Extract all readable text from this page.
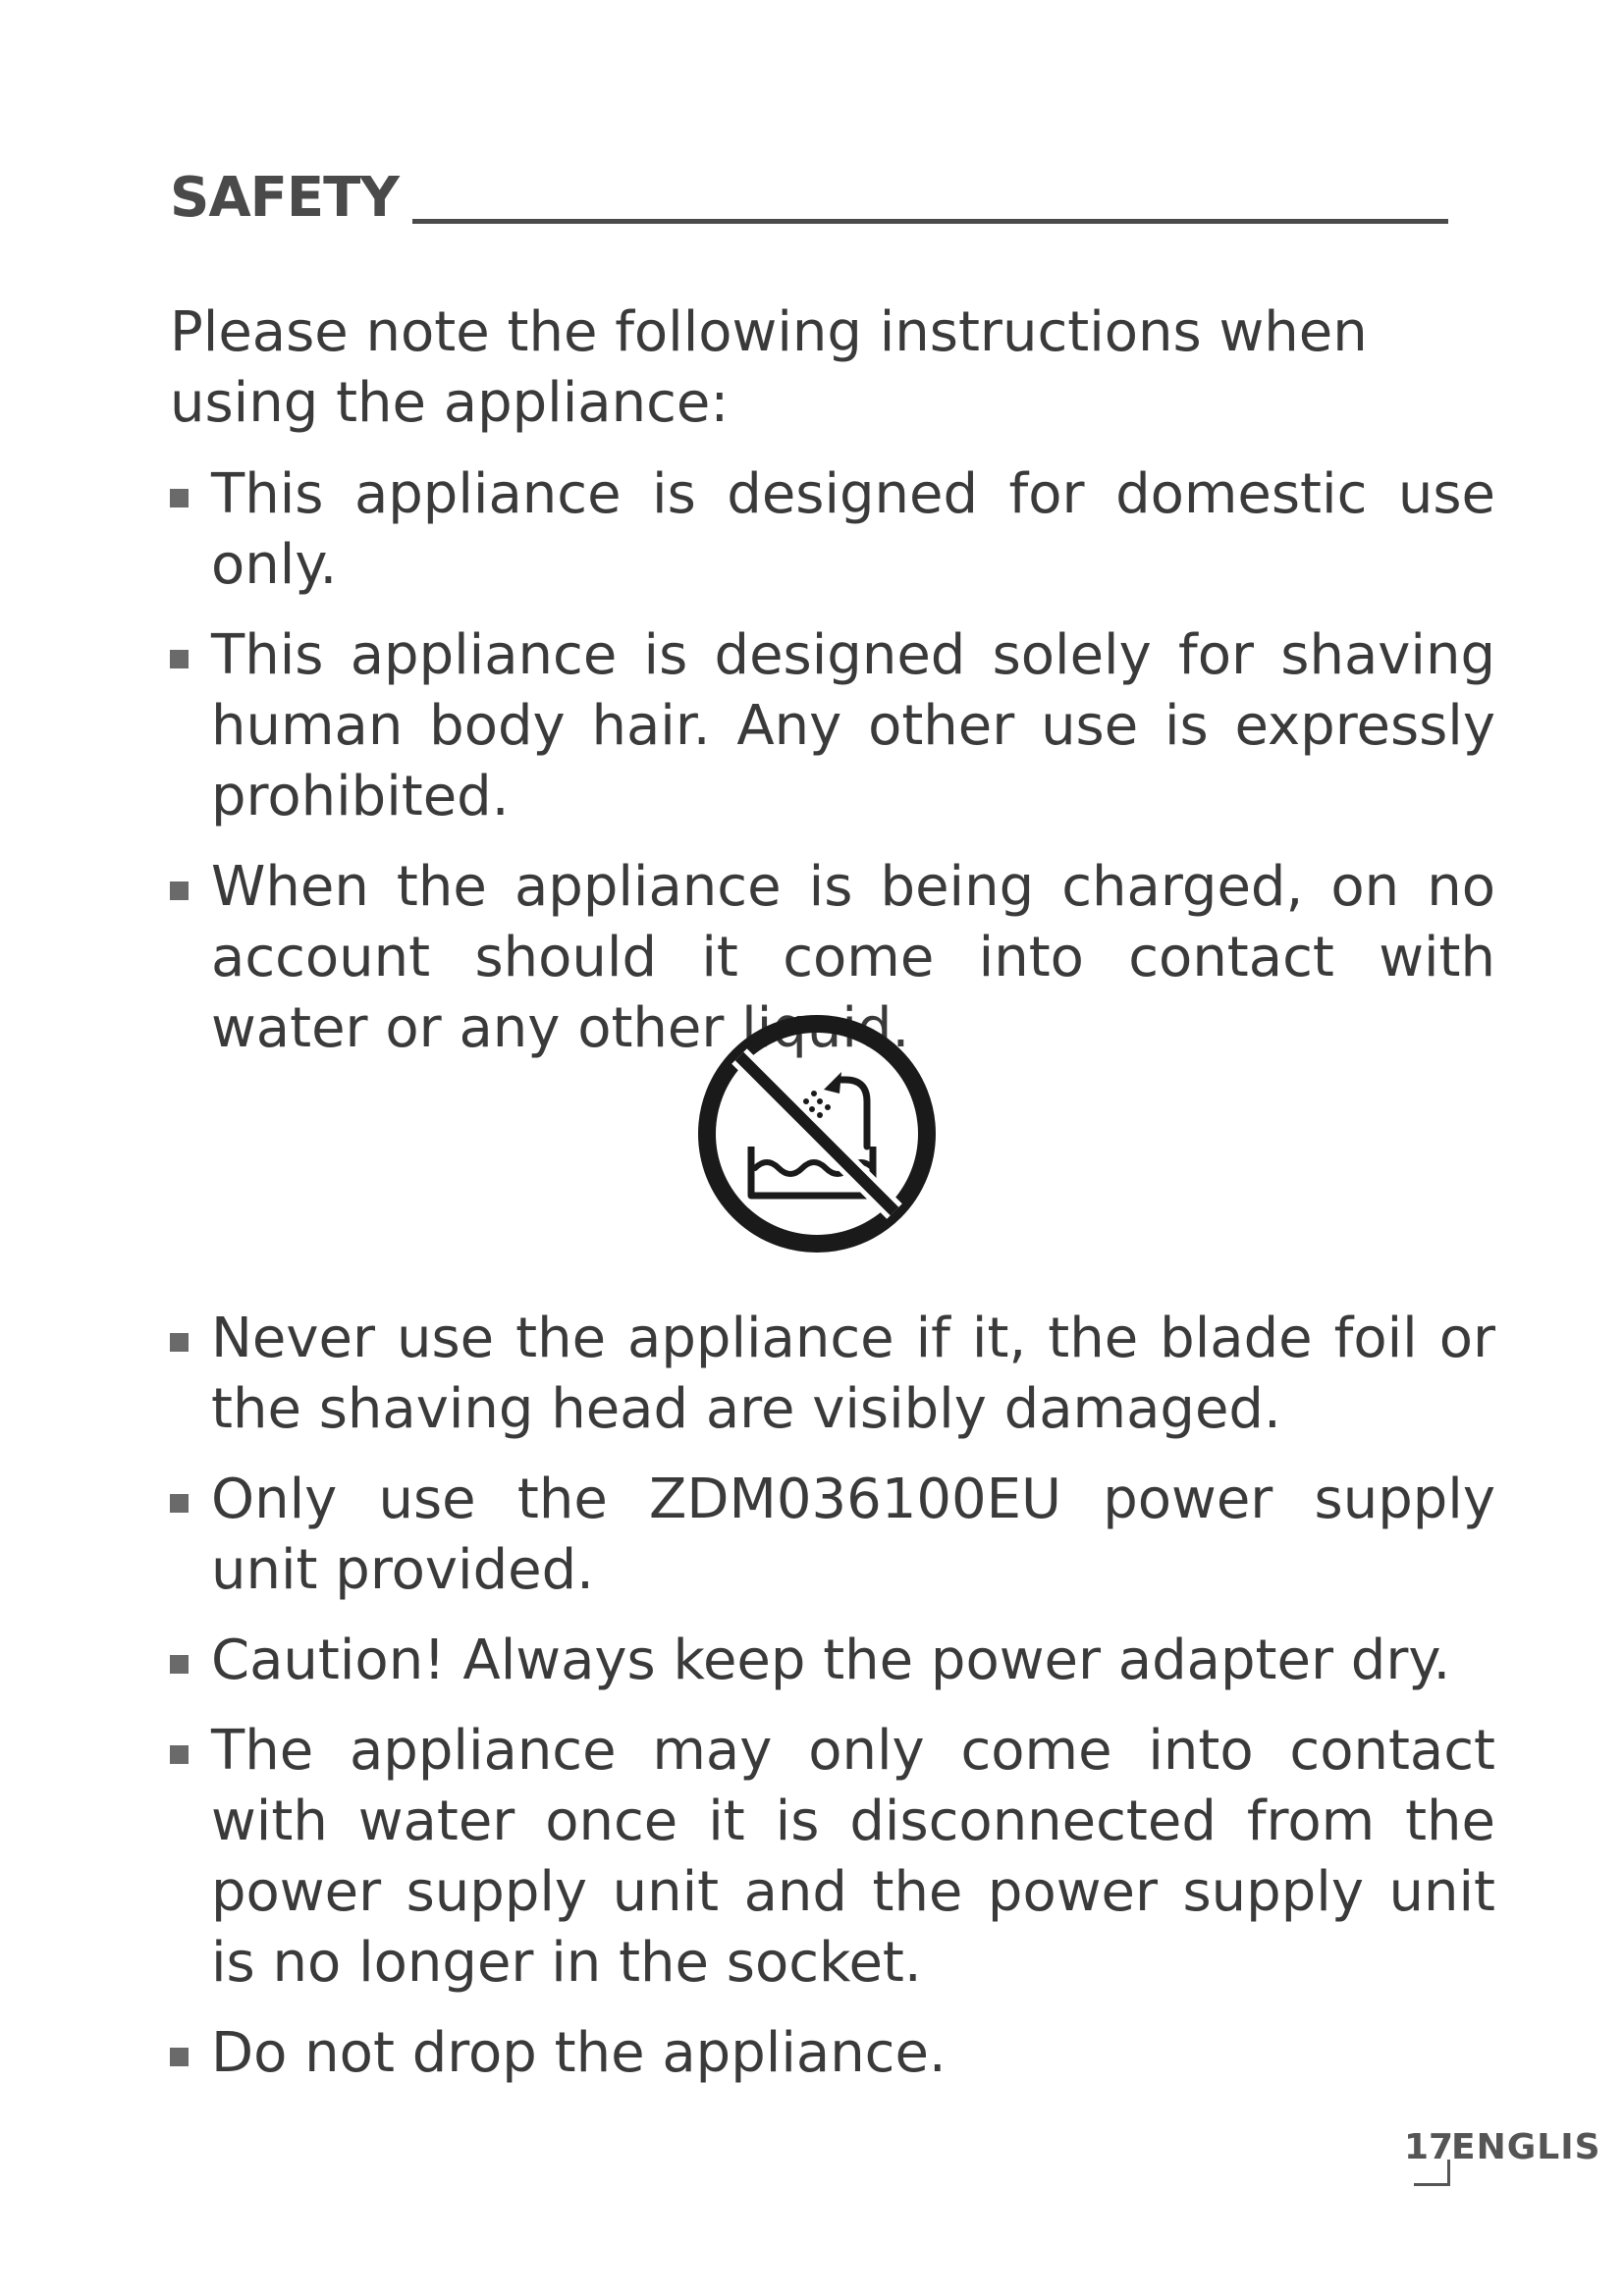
SAFETY

Please note the following instructions when using the appliance:

This appliance is designed for domestic use only.
This appliance is designed solely for shaving human body hair. Any other use is expressly prohibited.
When the appliance is being charged, on no account should it come into contact with water or any other liquid.
Never use the appliance if it, the blade foil or the shaving head are visibly damaged.
Only use the ZDM036100EU power supply unit provided.
Caution! Always keep the power adapter dry.
The appliance may only come into contact with water once it is disconnected from the power supply unit and the power supply unit is no longer in the socket.
Do not drop the appliance.
17
ENGLIS
